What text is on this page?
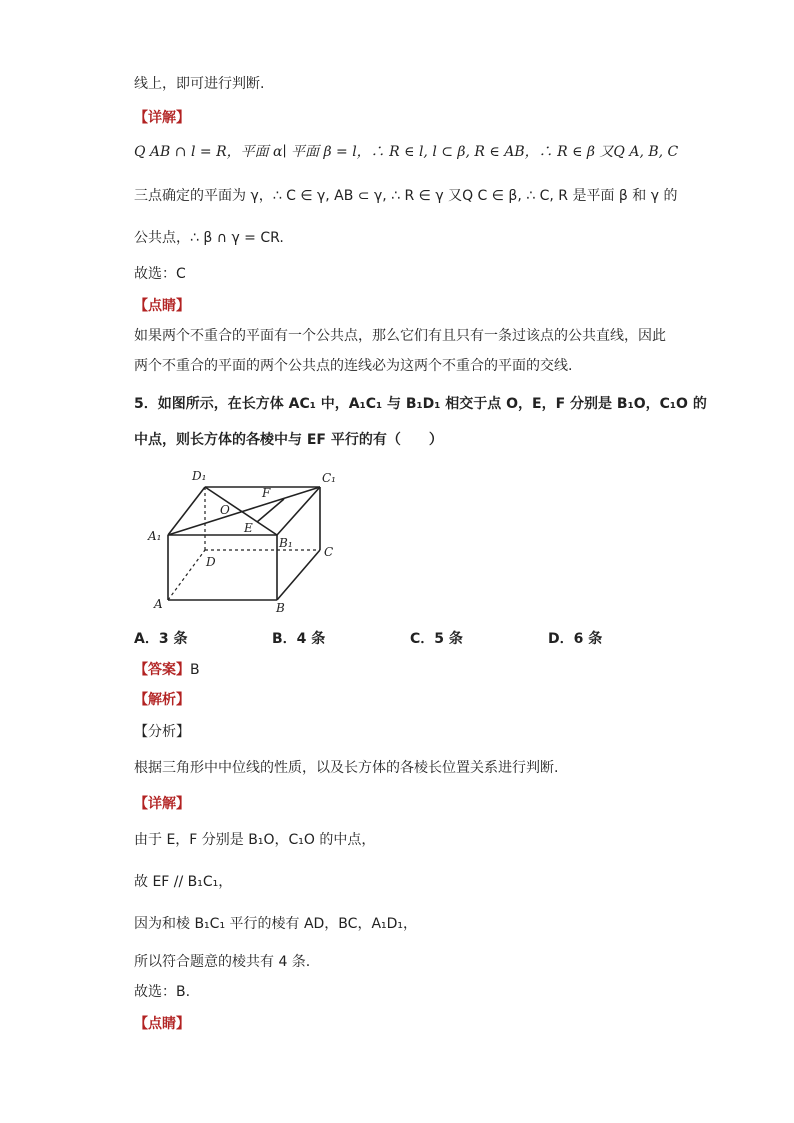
线上，即可进行判断.
【详解】
Q AB ∩ l = R，平面 α∣ 平面 β = l，∴ R ∈ l, l ⊂ β, R ∈ AB，∴ R ∈ β 又Q A, B, C
三点确定的平面为 γ，∴ C ∈ γ, AB ⊂ γ, ∴ R ∈ γ 又Q C ∈ β, ∴ C, R 是平面 β 和 γ 的
公共点，∴ β ∩ γ = CR.
故选：C
【点睛】
如果两个不重合的平面有一个公共点，那么它们有且只有一条过该点的公共直线，因此
两个不重合的平面的两个公共点的连线必为这两个不重合的平面的交线.
5．如图所示，在长方体 AC₁ 中，A₁C₁ 与 B₁D₁ 相交于点 O，E，F 分别是 B₁O，C₁O 的
中点，则长方体的各棱中与 EF 平行的有（　　）
D₁	C₁
A₁	B₁
O
E
F
D
C
A	B
A．3 条	B．4 条	C．5 条	D．6 条
【答案】B
【解析】
【分析】
根据三角形中中位线的性质，以及长方体的各棱长位置关系进行判断.
【详解】
由于 E，F 分别是 B₁O，C₁O 的中点，
故 EF // B₁C₁，
因为和棱 B₁C₁ 平行的棱有 AD，BC，A₁D₁，
所以符合题意的棱共有 4 条.
故选：B.
【点睛】
